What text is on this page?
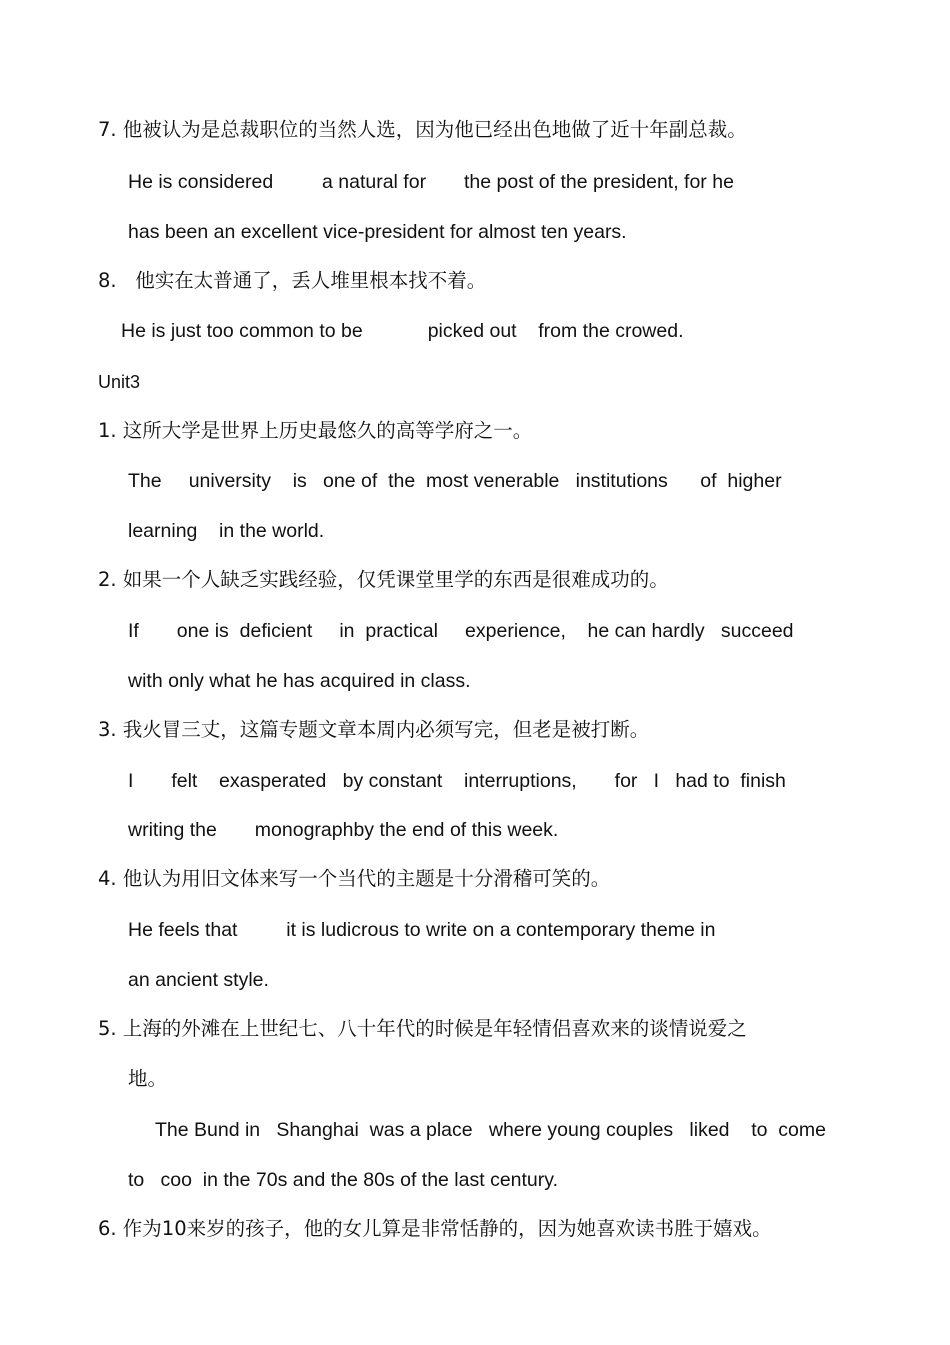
7. 他被认为是总裁职位的当然人选，因为他已经出色地做了近十年副总裁。
He is considered         a natural for       the post of the president, for he
has been an excellent vice-president for almost ten years.
8.   他实在太普通了，丢人堆里根本找不着。
He is just too common to be            picked out    from the crowed.
Unit3
1. 这所大学是世界上历史最悠久的高等学府之一。
The     university    is   one of  the  most venerable   institutions      of  higher
learning    in the world.
2. 如果一个人缺乏实践经验，仅凭课堂里学的东西是很难成功的。
If       one is  deficient     in  practical     experience,    he can hardly   succeed
with only what he has acquired in class.
3. 我火冒三丈，这篇专题文章本周内必须写完，但老是被打断。
I       felt    exasperated   by constant    interruptions,       for   I   had to  finish
writing the       monographby the end of this week.
4. 他认为用旧文体来写一个当代的主题是十分滑稽可笑的。
He feels that         it is ludicrous to write on a contemporary theme in
an ancient style.
5. 上海的外滩在上世纪七、八十年代的时候是年轻情侣喜欢来的谈情说爱之
地。
The Bund in   Shanghai  was a place   where young couples   liked    to  come
to   coo  in the 70s and the 80s of the last century.
6. 作为10来岁的孩子，他的女儿算是非常恬静的，因为她喜欢读书胜于嬉戏。
